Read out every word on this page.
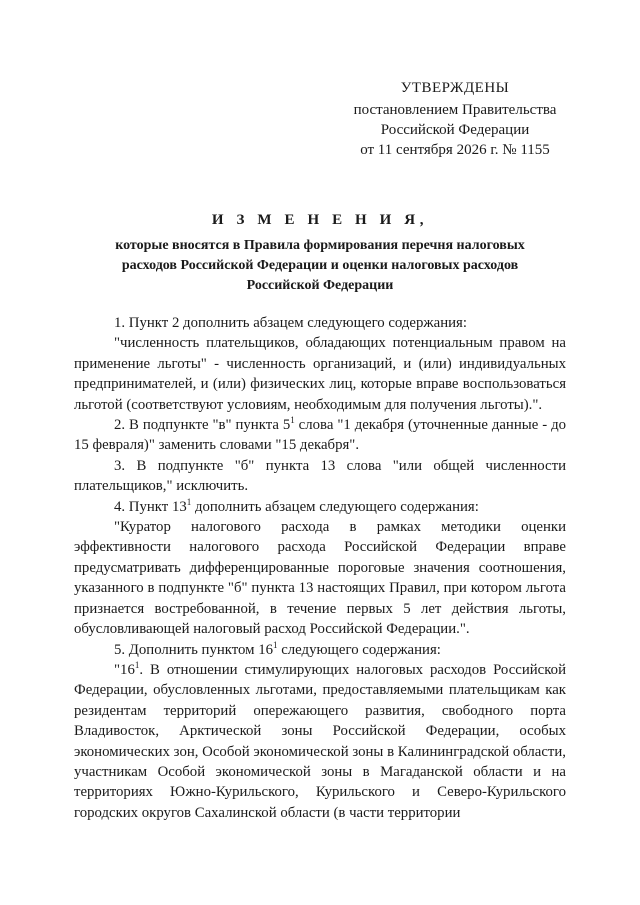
УТВЕРЖДЕНЫ
постановлением Правительства
Российской Федерации
от 11 сентября 2026 г. № 1155
И З М Е Н Е Н И Я,
которые вносятся в Правила формирования перечня налоговых расходов Российской Федерации и оценки налоговых расходов Российской Федерации

1. Пункт 2 дополнить абзацем следующего содержания:

"численность плательщиков, обладающих потенциальным правом на применение льготы" - численность организаций, и (или) индивидуальных предпринимателей, и (или) физических лиц, которые вправе воспользоваться льготой (соответствуют условиям, необходимым для получения льготы).".

2. В подпункте "в" пункта $5^1$ слова "1 декабря (уточненные данные - до 15 февраля)" заменить словами "15 декабря".

3. В подпункте "б" пункта 13 слова "или общей численности плательщиков," исключить.

4. Пункт $13^1$ дополнить абзацем следующего содержания:

"Куратор налогового расхода в рамках методики оценки эффективности налогового расхода Российской Федерации вправе предусматривать дифференцированные пороговые значения соотношения, указанного в подпункте "б" пункта 13 настоящих Правил, при котором льгота признается востребованной, в течение первых 5 лет действия льготы, обусловливающей налоговый расход Российской Федерации.".

5. Дополнить пунктом $16^1$ следующего содержания:

"$16^1$. В отношении стимулирующих налоговых расходов Российской Федерации, обусловленных льготами, предоставляемыми плательщикам как резидентам территорий опережающего развития, свободного порта Владивосток, Арктической зоны Российской Федерации, особых экономических зон, Особой экономической зоны в Калининградской области, участникам Особой экономической зоны в Магаданской области и на территориях Южно-Курильского, Курильского и Северо-Курильского городских округов Сахалинской области (в части территории
